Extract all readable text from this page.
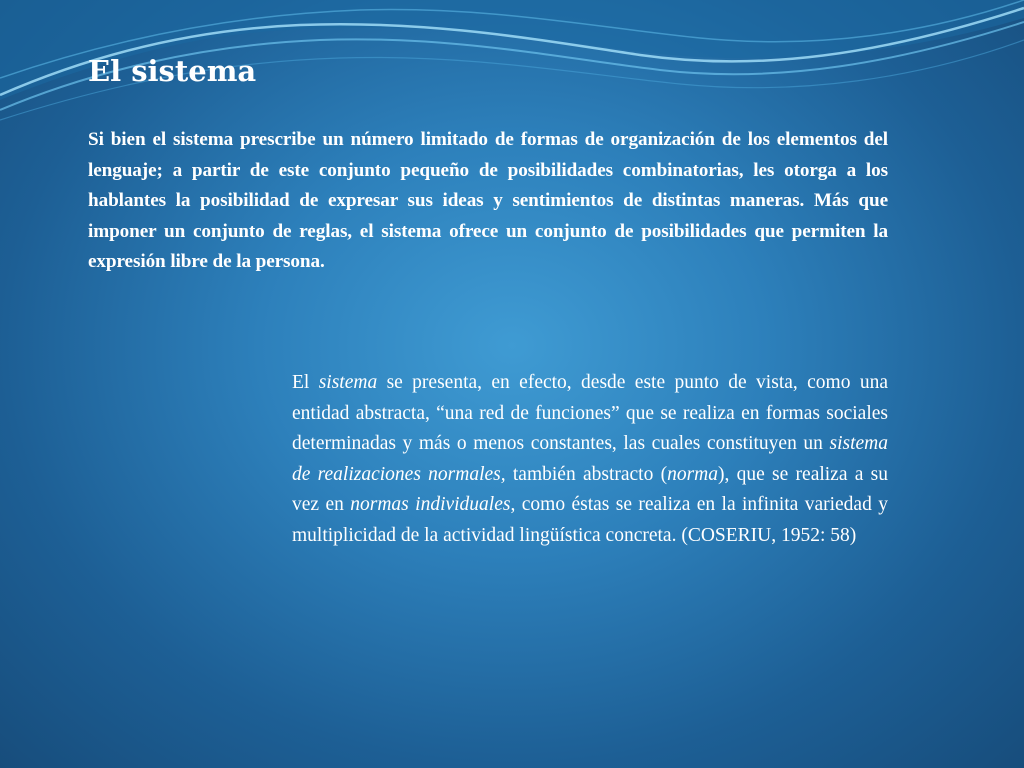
El sistema

Si bien el sistema prescribe un número limitado de formas de organización de los elementos del lenguaje; a partir de este conjunto pequeño de posibilidades combinatorias, les otorga a los hablantes la posibilidad de expresar sus ideas y sentimientos de distintas maneras. Más que imponer un conjunto de reglas, el sistema ofrece un conjunto de posibilidades que permiten la expresión libre de la persona.

El sistema se presenta, en efecto, desde este punto de vista, como una entidad abstracta, “una red de funciones” que se realiza en formas sociales determinadas y más o menos constantes, las cuales constituyen un sistema de realizaciones normales, también abstracto (norma), que se realiza a su vez en normas individuales, como éstas se realiza en la infinita variedad y multiplicidad de la actividad lingüística concreta. (COSERIU, 1952: 58)
